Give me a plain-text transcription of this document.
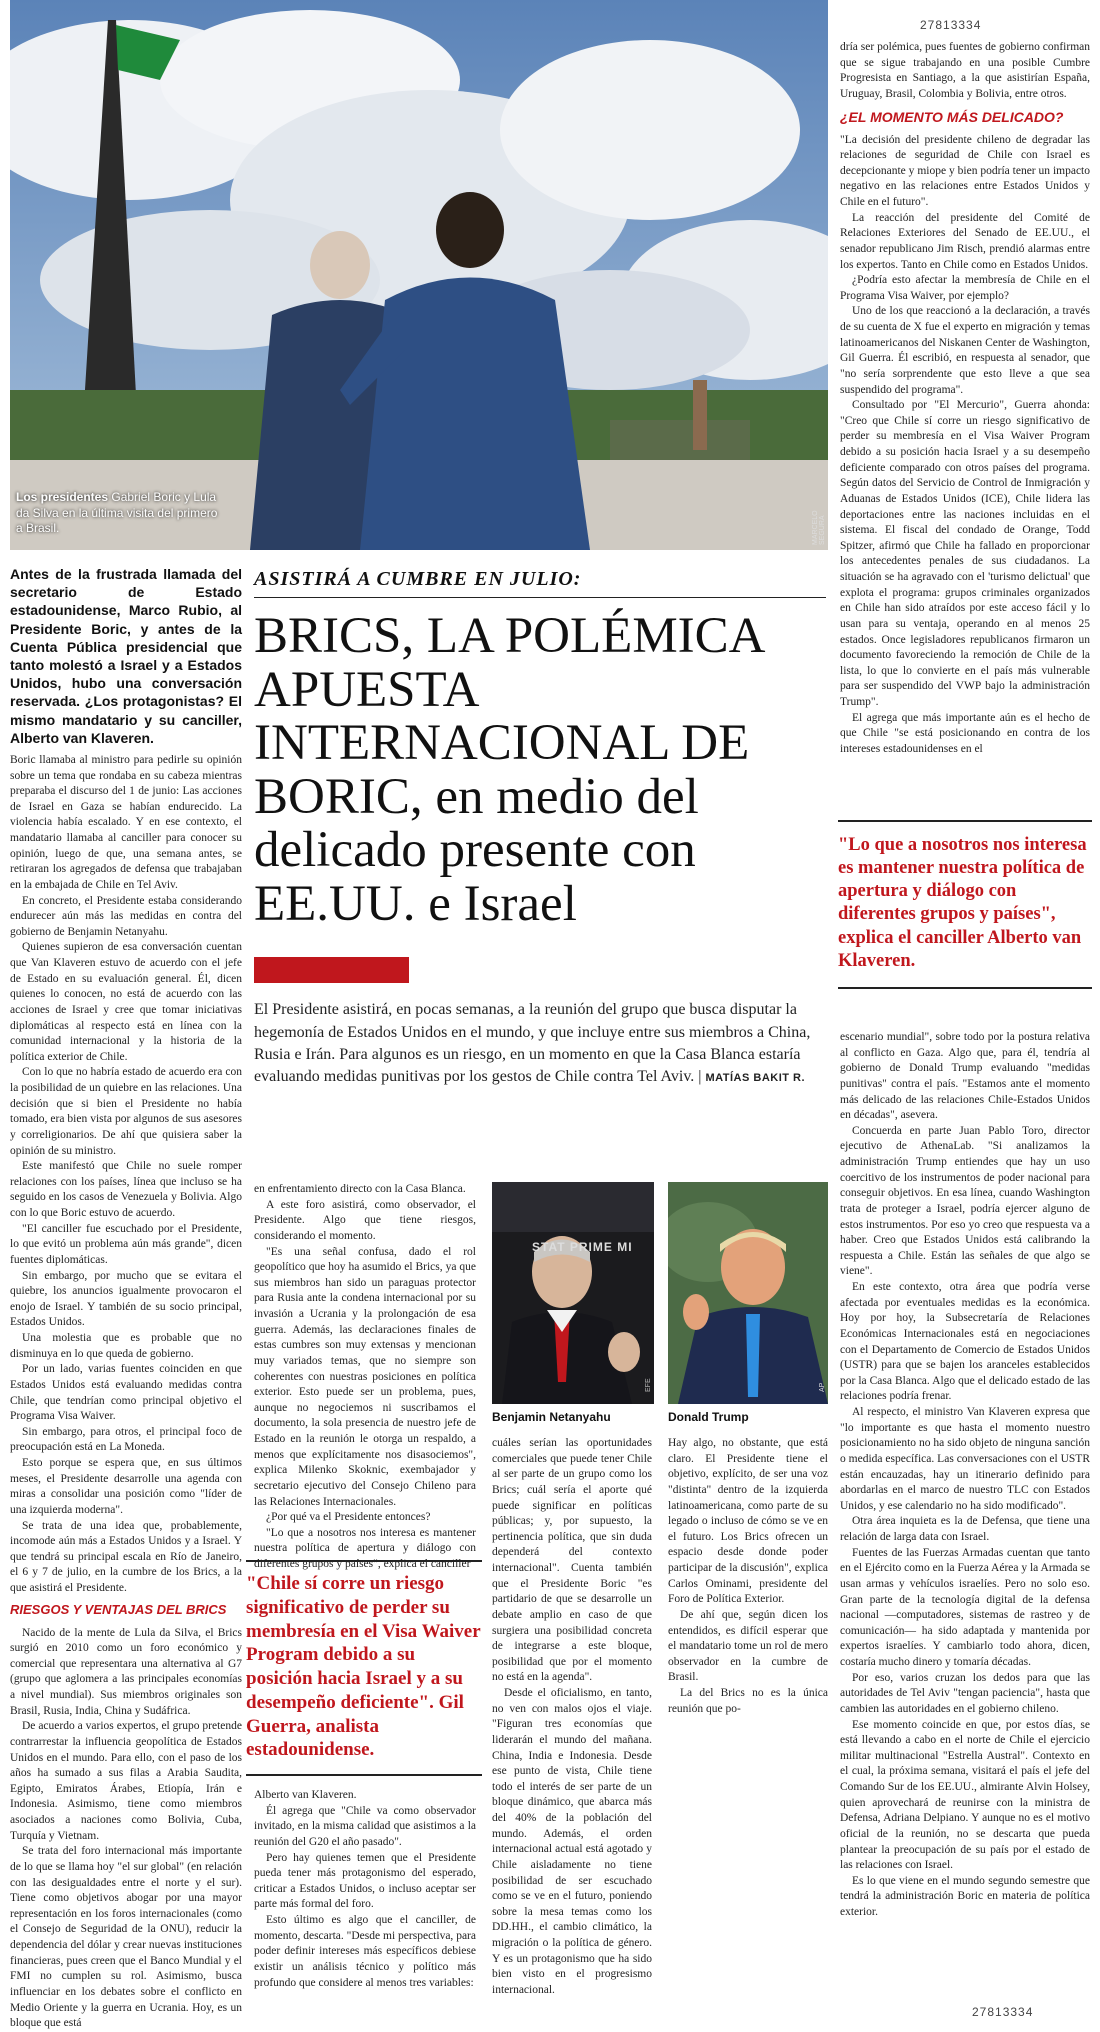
Los presidentes Gabriel Boric y Lula da Silva en la última visita del primero a Brasil.	MARCELO SEGURA
27813334
Antes de la frustrada llamada del secretario de Estado estadounidense, Marco Rubio, al Presidente Boric, y antes de la Cuenta Pública presidencial que tanto molestó a Israel y a Estados Unidos, hubo una conversación reservada. ¿Los protagonistas? El mismo mandatario y su canciller, Alberto van Klaveren.

Boric llamaba al ministro para pedirle su opinión sobre un tema que rondaba en su cabeza mientras preparaba el discurso del 1 de junio: Las acciones de Israel en Gaza se habían endurecido. La violencia había escalado. Y en ese contexto, el mandatario llamaba al canciller para conocer su opinión, luego de que, una semana antes, se retiraran los agregados de defensa que trabajaban en la embajada de Chile en Tel Aviv.

En concreto, el Presidente estaba considerando endurecer aún más las medidas en contra del gobierno de Benjamin Netanyahu.

Quienes supieron de esa conversación cuentan que Van Klaveren estuvo de acuerdo con el jefe de Estado en su evaluación general. Él, dicen quienes lo conocen, no está de acuerdo con las acciones de Israel y cree que tomar iniciativas diplomáticas al respecto está en línea con la comunidad internacional y la historia de la política exterior de Chile.

Con lo que no habría estado de acuerdo era con la posibilidad de un quiebre en las relaciones. Una decisión que si bien el Presidente no había tomado, era bien vista por algunos de sus asesores y correligionarios. De ahí que quisiera saber la opinión de su ministro.

Este manifestó que Chile no suele romper relaciones con los países, línea que incluso se ha seguido en los casos de Venezuela y Bolivia. Algo con lo que Boric estuvo de acuerdo.

"El canciller fue escuchado por el Presidente, lo que evitó un problema aún más grande", dicen fuentes diplomáticas.

Sin embargo, por mucho que se evitara el quiebre, los anuncios igualmente provocaron el enojo de Israel. Y también de su socio principal, Estados Unidos.

Una molestia que es probable que no disminuya en lo que queda de gobierno.

Por un lado, varias fuentes coinciden en que Estados Unidos está evaluando medidas contra Chile, que tendrían como principal objetivo el Programa Visa Waiver.

Sin embargo, para otros, el principal foco de preocupación está en La Moneda.

Esto porque se espera que, en sus últimos meses, el Presidente desarrolle una agenda con miras a consolidar una posición como "líder de una izquierda moderna".

Se trata de una idea que, probablemente, incomode aún más a Estados Unidos y a Israel. Y que tendrá su principal escala en Río de Janeiro, el 6 y 7 de julio, en la cumbre de los Brics, a la que asistirá el Presidente.

RIESGOS Y VENTAJAS DEL BRICS

Nacido de la mente de Lula da Silva, el Brics surgió en 2010 como un foro económico y comercial que representara una alternativa al G7 (grupo que aglomera a las principales economías a nivel mundial). Sus miembros originales son Brasil, Rusia, India, China y Sudáfrica.

De acuerdo a varios expertos, el grupo pretende contrarrestar la influencia geopolítica de Estados Unidos en el mundo. Para ello, con el paso de los años ha sumado a sus filas a Arabia Saudita, Egipto, Emiratos Árabes, Etiopía, Irán e Indonesia. Asimismo, tiene como miembros asociados a naciones como Bolivia, Cuba, Turquía y Vietnam.

Se trata del foro internacional más importante de lo que se llama hoy "el sur global" (en relación con las desigualdades entre el norte y el sur). Tiene como objetivos abogar por una mayor representación en los foros internacionales (como el Consejo de Seguridad de la ONU), reducir la dependencia del dólar y crear nuevas instituciones financieras, pues creen que el Banco Mundial y el FMI no cumplen su rol. Asimismo, busca influenciar en los debates sobre el conflicto en Medio Oriente y la guerra en Ucrania. Hoy, es un bloque que está

ASISTIRÁ A CUMBRE EN JULIO:
BRICS, LA POLÉMICA APUESTA INTERNACIONAL DE BORIC, en medio del delicado presente con EE.UU. e Israel
El Presidente asistirá, en pocas semanas, a la reunión del grupo que busca disputar la hegemonía de Estados Unidos en el mundo, y que incluye entre sus miembros a China, Rusia e Irán. Para algunos es un riesgo, en un momento en que la Casa Blanca estaría evaluando medidas punitivas por los gestos de Chile contra Tel Aviv. | MATÍAS BAKIT R.

en enfrentamiento directo con la Casa Blanca.

A este foro asistirá, como observador, el Presidente. Algo que tiene riesgos, considerando el momento.

"Es una señal confusa, dado el rol geopolítico que hoy ha asumido el Brics, ya que sus miembros han sido un paraguas protector para Rusia ante la condena internacional por su invasión a Ucrania y la prolongación de esa guerra. Además, las declaraciones finales de estas cumbres son muy extensas y mencionan muy variados temas, que no siempre son coherentes con nuestras posiciones en política exterior. Esto puede ser un problema, pues, aunque no negociemos ni suscribamos el documento, la sola presencia de nuestro jefe de Estado en la reunión le otorga un respaldo, a menos que explícitamente nos disasociemos", explica Milenko Skoknic, exembajador y secretario ejecutivo del Consejo Chileno para las Relaciones Internacionales.

¿Por qué va el Presidente entonces?

"Lo que a nosotros nos interesa es mantener nuestra política de apertura y diálogo con diferentes grupos y países", explica el canciller

"Chile sí corre un riesgo significativo de perder su membresía en el Visa Waiver Program debido a su posición hacia Israel y a su desempeño deficiente". Gil Guerra, analista estadounidense.

Alberto van Klaveren.

Él agrega que "Chile va como observador invitado, en la misma calidad que asistimos a la reunión del G20 el año pasado".

Pero hay quienes temen que el Presidente pueda tener más protagonismo del esperado, criticar a Estados Unidos, o incluso aceptar ser parte más formal del foro.

Esto último es algo que el canciller, de momento, descarta. "Desde mi perspectiva, para poder definir intereses más específicos debiese existir un análisis técnico y político más profundo que considere al menos tres variables:

STAT PRIME MI
EFE
Benjamin Netanyahu
AP
Donald Trump

cuáles serían las oportunidades comerciales que puede tener Chile al ser parte de un grupo como los Brics; cuál sería el aporte qué puede significar en políticas públicas; y, por supuesto, la pertinencia política, que sin duda dependerá del contexto internacional". Cuenta también que el Presidente Boric "es partidario de que se desarrolle un debate amplio en caso de que surgiera una posibilidad concreta de integrarse a este bloque, posibilidad que por el momento no está en la agenda".

Desde el oficialismo, en tanto, no ven con malos ojos el viaje. "Figuran tres economías que liderarán el mundo del mañana. China, India e Indonesia. Desde ese punto de vista, Chile tiene todo el interés de ser parte de un bloque dinámico, que abarca más del 40% de la población del mundo. Además, el orden internacional actual está agotado y Chile aisladamente no tiene posibilidad de ser escuchado como se ve en el futuro, poniendo sobre la mesa temas como los DD.HH., el cambio climático, la migración o la política de género. Y es un protagonismo que ha sido bien visto en el progresismo internacional.

Hay algo, no obstante, que está claro. El Presidente tiene el objetivo, explícito, de ser una voz "distinta" dentro de la izquierda latinoamericana, como parte de su legado o incluso de cómo se ve en el futuro. Los Brics ofrecen un espacio desde donde poder participar de la discusión", explica Carlos Ominami, presidente del Foro de Política Exterior.

De ahí que, según dicen los entendidos, es difícil esperar que el mandatario tome un rol de mero observador en la cumbre de Brasil.

La del Brics no es la única reunión que po-

dría ser polémica, pues fuentes de gobierno confirman que se sigue trabajando en una posible Cumbre Progresista en Santiago, a la que asistirían España, Uruguay, Brasil, Colombia y Bolivia, entre otros.

¿EL MOMENTO MÁS DELICADO?

"La decisión del presidente chileno de degradar las relaciones de seguridad de Chile con Israel es decepcionante y miope y bien podría tener un impacto negativo en las relaciones entre Estados Unidos y Chile en el futuro".

La reacción del presidente del Comité de Relaciones Exteriores del Senado de EE.UU., el senador republicano Jim Risch, prendió alarmas entre los expertos. Tanto en Chile como en Estados Unidos.

¿Podría esto afectar la membresía de Chile en el Programa Visa Waiver, por ejemplo?

Uno de los que reaccionó a la declaración, a través de su cuenta de X fue el experto en migración y temas latinoamericanos del Niskanen Center de Washington, Gil Guerra. Él escribió, en respuesta al senador, que "no sería sorprendente que esto lleve a que sea suspendido del programa".

Consultado por "El Mercurio", Guerra ahonda: "Creo que Chile sí corre un riesgo significativo de perder su membresía en el Visa Waiver Program debido a su posición hacia Israel y a su desempeño deficiente comparado con otros países del programa. Según datos del Servicio de Control de Inmigración y Aduanas de Estados Unidos (ICE), Chile lidera las deportaciones entre las naciones incluidas en el sistema. El fiscal del condado de Orange, Todd Spitzer, afirmó que Chile ha fallado en proporcionar los antecedentes penales de sus ciudadanos. La situación se ha agravado con el 'turismo delictual' que explota el programa: grupos criminales organizados en Chile han sido atraídos por este acceso fácil y lo usan para su ventaja, operando en al menos 25 estados. Once legisladores republicanos firmaron un documento favoreciendo la remoción de Chile de la lista, lo que lo convierte en el país más vulnerable para ser suspendido del VWP bajo la administración Trump".

El agrega que más importante aún es el hecho de que Chile "se está posicionando en contra de los intereses estadounidenses en el

"Lo que a nosotros nos interesa es mantener nuestra política de apertura y diálogo con diferentes grupos y países", explica el canciller Alberto van Klaveren.

escenario mundial", sobre todo por la postura relativa al conflicto en Gaza. Algo que, para él, tendría al gobierno de Donald Trump evaluando "medidas punitivas" contra el país. "Estamos ante el momento más delicado de las relaciones Chile-Estados Unidos en décadas", asevera.

Concuerda en parte Juan Pablo Toro, director ejecutivo de AthenaLab. "Si analizamos la administración Trump entiendes que hay un uso coercitivo de los instrumentos de poder nacional para conseguir objetivos. En esa línea, cuando Washington trata de proteger a Israel, podría ejercer alguno de estos instrumentos. Por eso yo creo que respuesta va a haber. Creo que Estados Unidos está calibrando la respuesta a Chile. Están las señales de que algo se viene".

En este contexto, otra área que podría verse afectada por eventuales medidas es la económica. Hoy por hoy, la Subsecretaría de Relaciones Económicas Internacionales está en negociaciones con el Departamento de Comercio de Estados Unidos (USTR) para que se bajen los aranceles establecidos por la Casa Blanca. Algo que el delicado estado de las relaciones podría frenar.

Al respecto, el ministro Van Klaveren expresa que "lo importante es que hasta el momento nuestro posicionamiento no ha sido objeto de ninguna sanción o medida específica. Las conversaciones con el USTR están encauzadas, hay un itinerario definido para abordarlas en el marco de nuestro TLC con Estados Unidos, y ese calendario no ha sido modificado".

Otra área inquieta es la de Defensa, que tiene una relación de larga data con Israel.

Fuentes de las Fuerzas Armadas cuentan que tanto en el Ejército como en la Fuerza Aérea y la Armada se usan armas y vehículos israelíes. Pero no solo eso. Gran parte de la tecnología digital de la defensa nacional —computadores, sistemas de rastreo y de comunicación— ha sido adaptada y mantenida por expertos israelíes. Y cambiarlo todo ahora, dicen, costaría mucho dinero y tomaría décadas.

Por eso, varios cruzan los dedos para que las autoridades de Tel Aviv "tengan paciencia", hasta que cambien las autoridades en el gobierno chileno.

Ese momento coincide en que, por estos días, se está llevando a cabo en el norte de Chile el ejercicio militar multinacional "Estrella Austral". Contexto en el cual, la próxima semana, visitará el país el jefe del Comando Sur de los EE.UU., almirante Alvin Holsey, quien aprovechará de reunirse con la ministra de Defensa, Adriana Delpiano. Y aunque no es el motivo oficial de la reunión, no se descarta que pueda plantear la preocupación de su país por el estado de las relaciones con Israel.

Es lo que viene en el mundo segundo semestre que tendrá la administración Boric en materia de política exterior.

27813334
